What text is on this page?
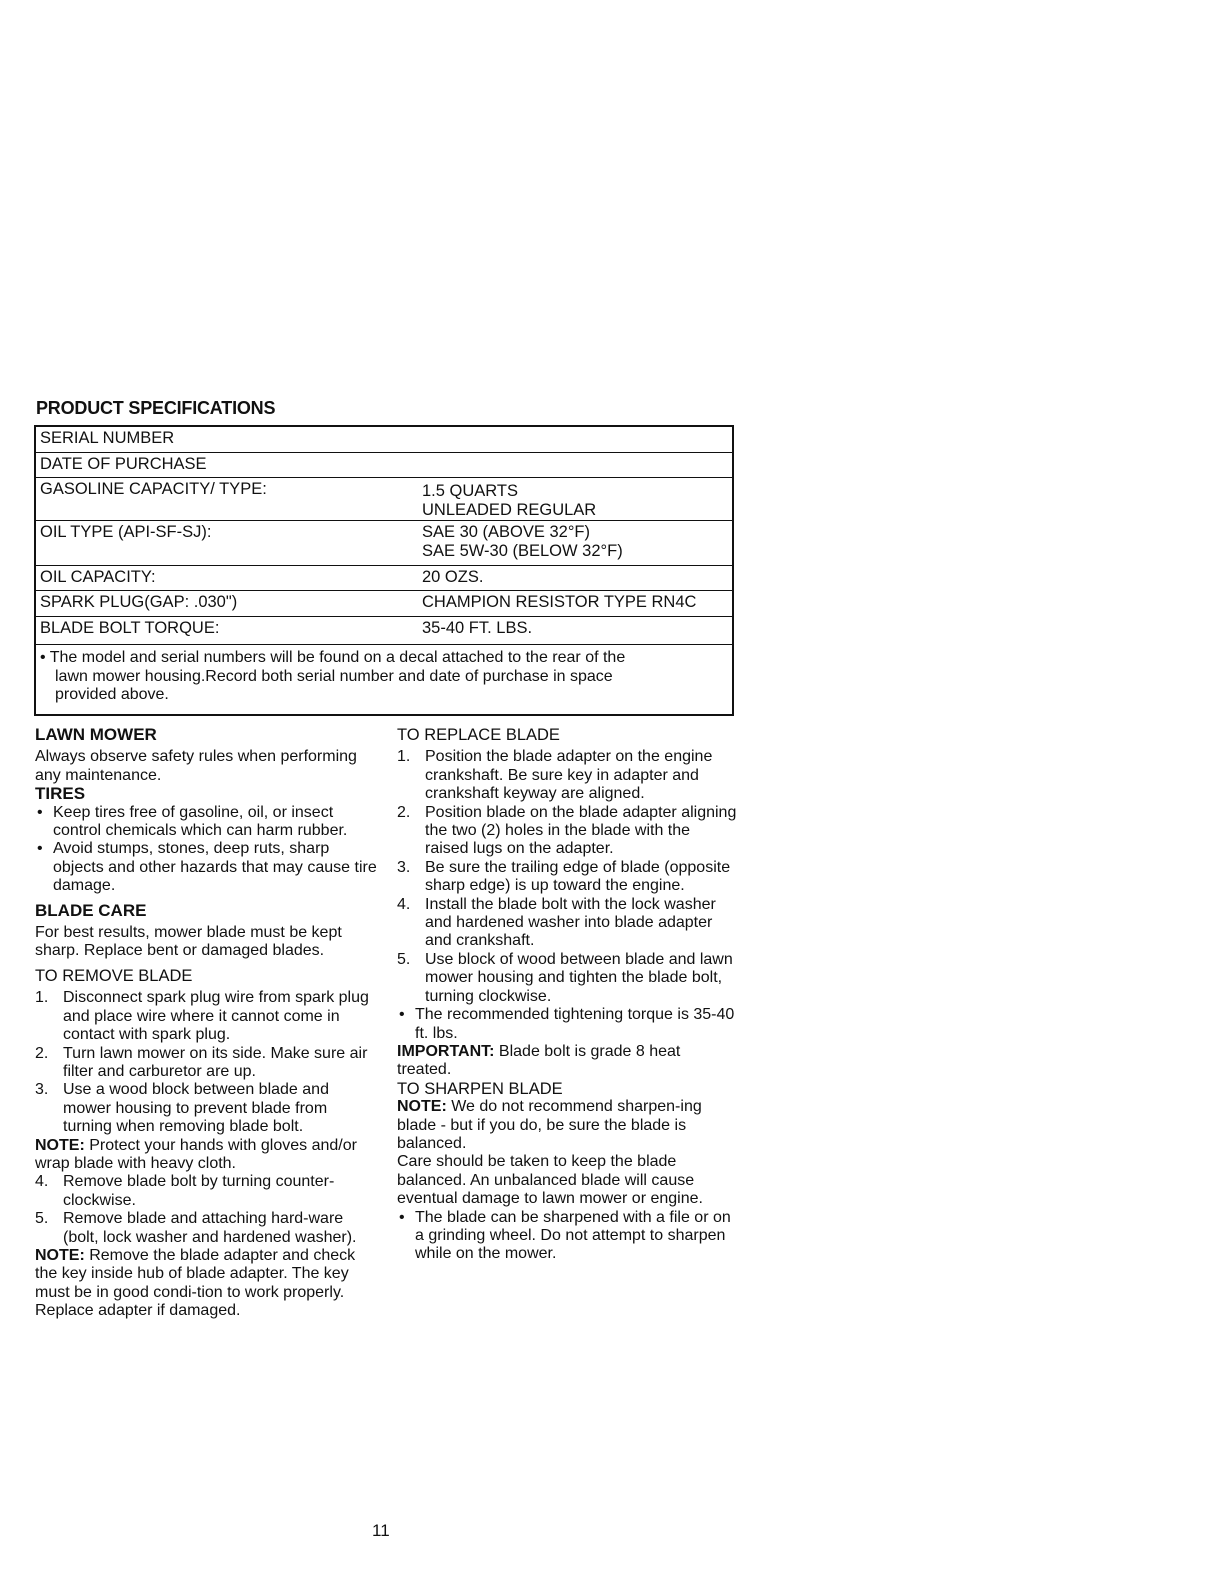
PRODUCT SPECIFICATIONS
SERIAL NUMBER
DATE OF PURCHASE
GASOLINE CAPACITY/ TYPE:	1.5 QUARTS
UNLEADED REGULAR
OIL TYPE (API-SF-SJ):	SAE 30 (ABOVE 32°F)
SAE 5W-30 (BELOW 32°F)
OIL CAPACITY:	20 OZS.
SPARK PLUG(GAP: .030")	CHAMPION RESISTOR TYPE RN4C
BLADE BOLT TORQUE:	35-40 FT. LBS.
• The model and serial numbers will be found on a decal attached to the rear of the
lawn mower housing.Record both serial number and date of purchase in space
provided above.
LAWN MOWER

Always observe safety rules when performing any maintenance.

TIRES

• Keep tires free of gasoline, oil, or insect control chemicals which can harm rubber.

• Avoid stumps, stones, deep ruts, sharp objects and other hazards that may cause tire damage.

BLADE CARE

For best results, mower blade must be kept sharp. Replace bent or damaged blades.

TO REMOVE BLADE

1. Disconnect spark plug wire from spark plug and place wire where it cannot come in contact with spark plug.

2. Turn lawn mower on its side. Make sure air filter and carburetor are up.

3. Use a wood block between blade and mower housing to prevent blade from turning when removing blade bolt.

NOTE: Protect your hands with gloves and/or wrap blade with heavy cloth.

4. Remove blade bolt by turning counter-clockwise.

5. Remove blade and attaching hard-ware (bolt, lock washer and hardened washer).

NOTE: Remove the blade adapter and check the key inside hub of blade adapter. The key must be in good condi-tion to work properly. Replace adapter if damaged.

TO REPLACE BLADE

1. Position the blade adapter on the engine crankshaft. Be sure key in adapter and crankshaft keyway are aligned.

2. Position blade on the blade adapter aligning the two (2) holes in the blade with the raised lugs on the adapter.

3. Be sure the trailing edge of blade (opposite sharp edge) is up toward the engine.

4. Install the blade bolt with the lock washer and hardened washer into blade adapter and crankshaft.

5. Use block of wood between blade and lawn mower housing and tighten the blade bolt, turning clockwise.

• The recommended tightening torque is 35-40 ft. lbs.

IMPORTANT: Blade bolt is grade 8 heat treated.

TO SHARPEN BLADE

NOTE: We do not recommend sharpen-ing blade - but if you do, be sure the blade is balanced.

Care should be taken to keep the blade balanced. An unbalanced blade will cause eventual damage to lawn mower or engine.

• The blade can be sharpened with a file or on a grinding wheel. Do not attempt to sharpen while on the mower.

11
